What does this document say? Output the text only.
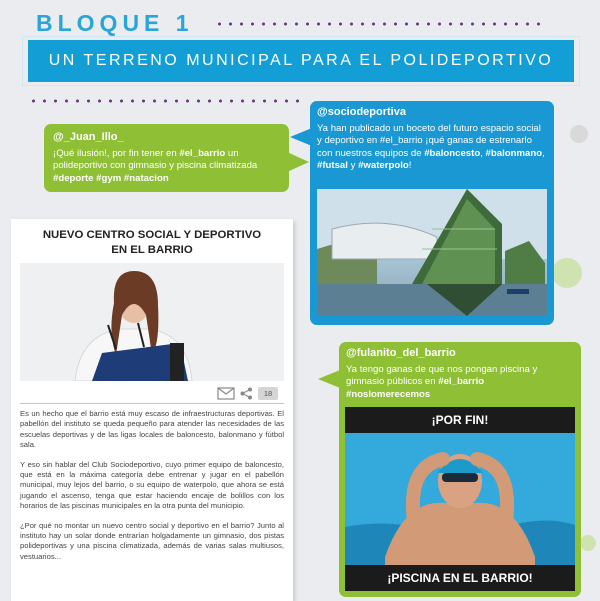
BLOQUE 1
UN TERRENO MUNICIPAL PARA EL POLIDEPORTIVO
@_Juan_Illo_
¡Qué ilusión!, por fin tener en #el_barrio un polideportivo con gimnasio y piscina climatizada #deporte #gym #natacion
@sociodeportiva
Ya han publicado un boceto del futuro espacio social y deportivo en #el_barrio ¡qué ganas de estrenarlo con nuestros equipos de #baloncesto, #balonmano, #futsal y #waterpolo!
@fulanito_del_barrio
Ya tengo ganas de que nos pongan piscina y gimnasio públicos en #el_barrio
#noslomerecemos
¡POR FIN!
¡PISCINA EN EL BARRIO!
NUEVO CENTRO SOCIAL Y DEPORTIVO
EN EL BARRIO
18

Es un hecho que el barrio está muy escaso de infraestructuras deportivas. El pabellón del instituto se queda pequeño para atender las necesidades de las escuelas deportivas y de las ligas locales de baloncesto, balonmano y fútbol sala.

Y eso sin hablar del Club Sociodeportivo, cuyo primer equipo de baloncesto, que está en la máxima categoría debe entrenar y jugar en el pabellón municipal, muy lejos del barrio, o su equipo de waterpolo, que ahora se está jugando el ascenso, tenga que estar haciendo encaje de bolillos con los horarios de las piscinas municipales en la otra punta del municipio.

¿Por qué no montar un nuevo centro social y deportivo en el barrio? Junto al instituto hay un solar donde entrarían holgadamente un gimnasio, dos pistas polideportivas y una piscina climatizada, además de varias salas multiusos, vestuarios...
